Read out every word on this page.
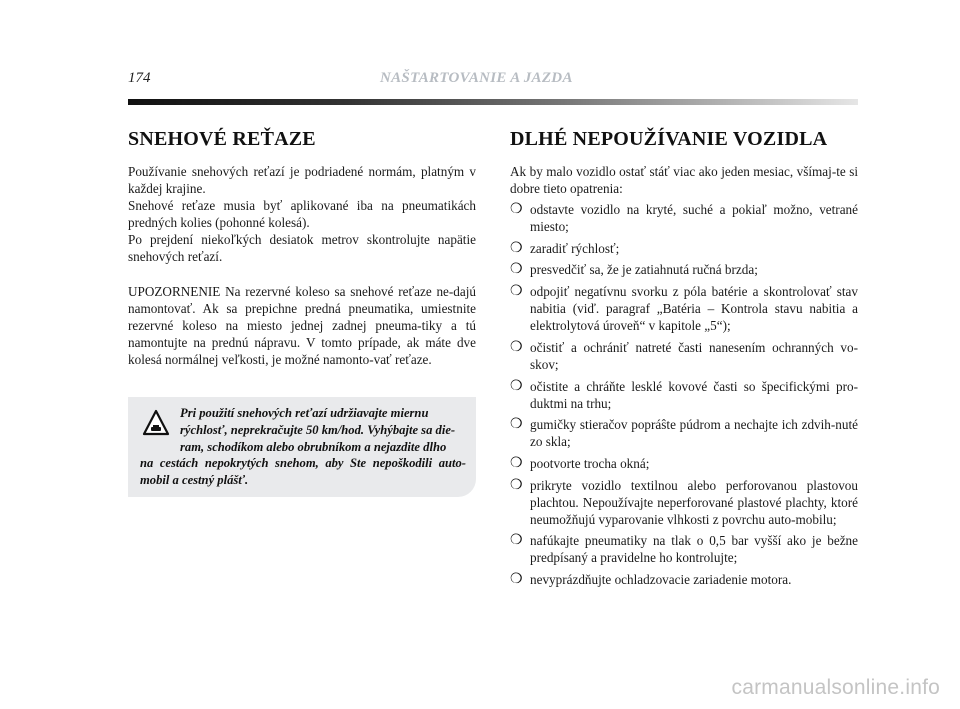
174	NAŠTARTOVANIE A JAZDA
SNEHOVÉ REŤAZE

Používanie snehových reťazí je podriadené normám, platným v každej krajine.

Snehové reťaze musia byť aplikované iba na pneumatikách predných kolies (pohonné kolesá).

Po prejdení niekoľkých desiatok metrov skontrolujte napätie snehových reťazí.

UPOZORNENIE Na rezervné koleso sa snehové reťaze ne-dajú namontovať. Ak sa prepichne predná pneumatika, umiestnite rezervné koleso na miesto jednej zadnej pneuma-tiky a tú namontujte na prednú nápravu. V tomto prípade, ak máte dve kolesá normálnej veľkosti, je možné namonto-vať reťaze.

Pri použití snehových reťazí udržiavajte miernu
rýchlosť, neprekračujte 50 km/hod. Vyhýbajte sa die-
ram, schodíkom alebo obrubníkom a nejazdite dlho
na cestách nepokrytých snehom, aby Ste nepoškodili auto-mobil a cestný plášť.
DLHÉ NEPOUŽÍVANIE VOZIDLA

Ak by malo vozidlo ostať stáť viac ako jeden mesiac, všímaj-te si dobre tieto opatrenia:

❍ odstavte vozidlo na kryté, suché a pokiaľ možno, vetrané miesto;
❍ zaradiť rýchlosť;
❍ presvedčiť sa, že je zatiahnutá ručná brzda;
❍ odpojiť negatívnu svorku z póla batérie a skontrolovať stav nabitia (viď. paragraf „Batéria – Kontrola stavu nabitia a elektrolytová úroveň“ v kapitole „5“);
❍ očistiť a ochrániť natreté časti nanesením ochranných vo-skov;
❍ očistite a chráňte lesklé kovové časti so špecifickými pro-duktmi na trhu;
❍ gumičky stieračov popráŝte púdrom a nechajte ich zdvih-nuté zo skla;
❍ pootvorte trocha okná;
❍ prikryte vozidlo textilnou alebo perforovanou plastovou plachtou. Nepoužívajte neperforované plastové plachty, ktoré neumožňujú vyparovanie vlhkosti z povrchu auto-mobilu;
❍ nafúkajte pneumatiky na tlak o 0,5 bar vyšší ako je bežne predpísaný a pravidelne ho kontrolujte;
❍ nevyprázdňujte ochladzovacie zariadenie motora.
carmanualsonline.info
